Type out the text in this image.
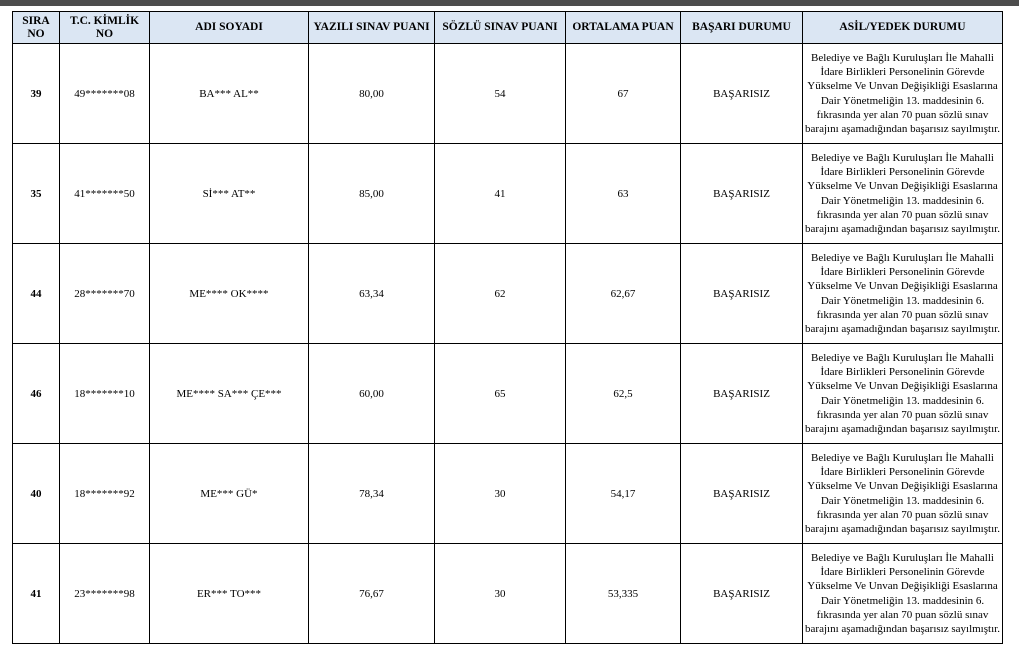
SIRA NO	T.C. KİMLİK NO	ADI SOYADI	YAZILI SINAV PUANI	SÖZLÜ SINAV PUANI	ORTALAMA PUAN	BAŞARI DURUMU	ASİL/YEDEK DURUMU
39	49*******08	BA*** AL**	80,00	54	67	BAŞARISIZ	Belediye ve Bağlı Kuruluşları İle Mahalli İdare Birlikleri Personelinin Görevde Yükselme Ve Unvan Değişikliği Esaslarına Dair Yönetmeliğin 13. maddesinin 6. fıkrasında yer alan 70 puan sözlü sınav barajını aşamadığından başarısız sayılmıştır.
35	41*******50	Sİ*** AT**	85,00	41	63	BAŞARISIZ	Belediye ve Bağlı Kuruluşları İle Mahalli İdare Birlikleri Personelinin Görevde Yükselme Ve Unvan Değişikliği Esaslarına Dair Yönetmeliğin 13. maddesinin 6. fıkrasında yer alan 70 puan sözlü sınav barajını aşamadığından başarısız sayılmıştır.
44	28*******70	ME**** OK****	63,34	62	62,67	BAŞARISIZ	Belediye ve Bağlı Kuruluşları İle Mahalli İdare Birlikleri Personelinin Görevde Yükselme Ve Unvan Değişikliği Esaslarına Dair Yönetmeliğin 13. maddesinin 6. fıkrasında yer alan 70 puan sözlü sınav barajını aşamadığından başarısız sayılmıştır.
46	18*******10	ME**** SA*** ÇE***	60,00	65	62,5	BAŞARISIZ	Belediye ve Bağlı Kuruluşları İle Mahalli İdare Birlikleri Personelinin Görevde Yükselme Ve Unvan Değişikliği Esaslarına Dair Yönetmeliğin 13. maddesinin 6. fıkrasında yer alan 70 puan sözlü sınav barajını aşamadığından başarısız sayılmıştır.
40	18*******92	ME*** GÜ*	78,34	30	54,17	BAŞARISIZ	Belediye ve Bağlı Kuruluşları İle Mahalli İdare Birlikleri Personelinin Görevde Yükselme Ve Unvan Değişikliği Esaslarına Dair Yönetmeliğin 13. maddesinin 6. fıkrasında yer alan 70 puan sözlü sınav barajını aşamadığından başarısız sayılmıştır.
41	23*******98	ER*** TO***	76,67	30	53,335	BAŞARISIZ	Belediye ve Bağlı Kuruluşları İle Mahalli İdare Birlikleri Personelinin Görevde Yükselme Ve Unvan Değişikliği Esaslarına Dair Yönetmeliğin 13. maddesinin 6. fıkrasında yer alan 70 puan sözlü sınav barajını aşamadığından başarısız sayılmıştır.
